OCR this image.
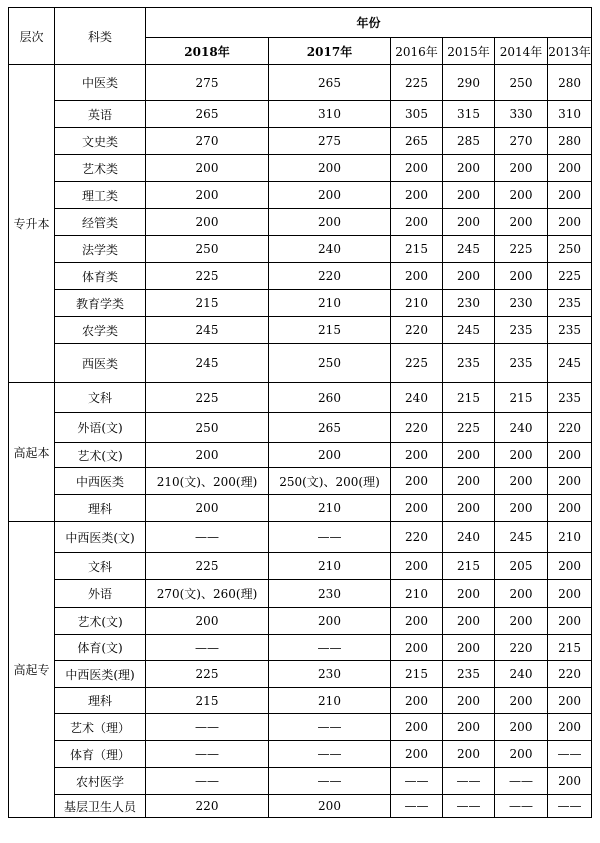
层次	科类	年份					
		2018年	2017年	2016年	2015年	2014年	2013年
专升本	中医类	275	265	225	290	250	280
	英语	265	310	305	315	330	310
	文史类	270	275	265	285	270	280
	艺术类	200	200	200	200	200	200
	理工类	200	200	200	200	200	200
	经管类	200	200	200	200	200	200
	法学类	250	240	215	245	225	250
	体育类	225	220	200	200	200	225
	教育学类	215	210	210	230	230	235
	农学类	245	215	220	245	235	235
	西医类	245	250	225	235	235	245
高起本	文科	225	260	240	215	215	235
	外语(文)	250	265	220	225	240	220
	艺术(文)	200	200	200	200	200	200
	中西医类	210(文)、200(理)	250(文)、200(理)	200	200	200	200
	理科	200	210	200	200	200	200
高起专	中西医类(文)	——	——	220	240	245	210
	文科	225	210	200	215	205	200
	外语	270(文)、260(理)	230	210	200	200	200
	艺术(文)	200	200	200	200	200	200
	体育(文)	——	——	200	200	220	215
	中西医类(理)	225	230	215	235	240	220
	理科	215	210	200	200	200	200
	艺术（理）	——	——	200	200	200	200
	体育（理）	——	——	200	200	200	——
	农村医学	——	——	——	——	——	200
	基层卫生人员	220	200	——	——	——	——
